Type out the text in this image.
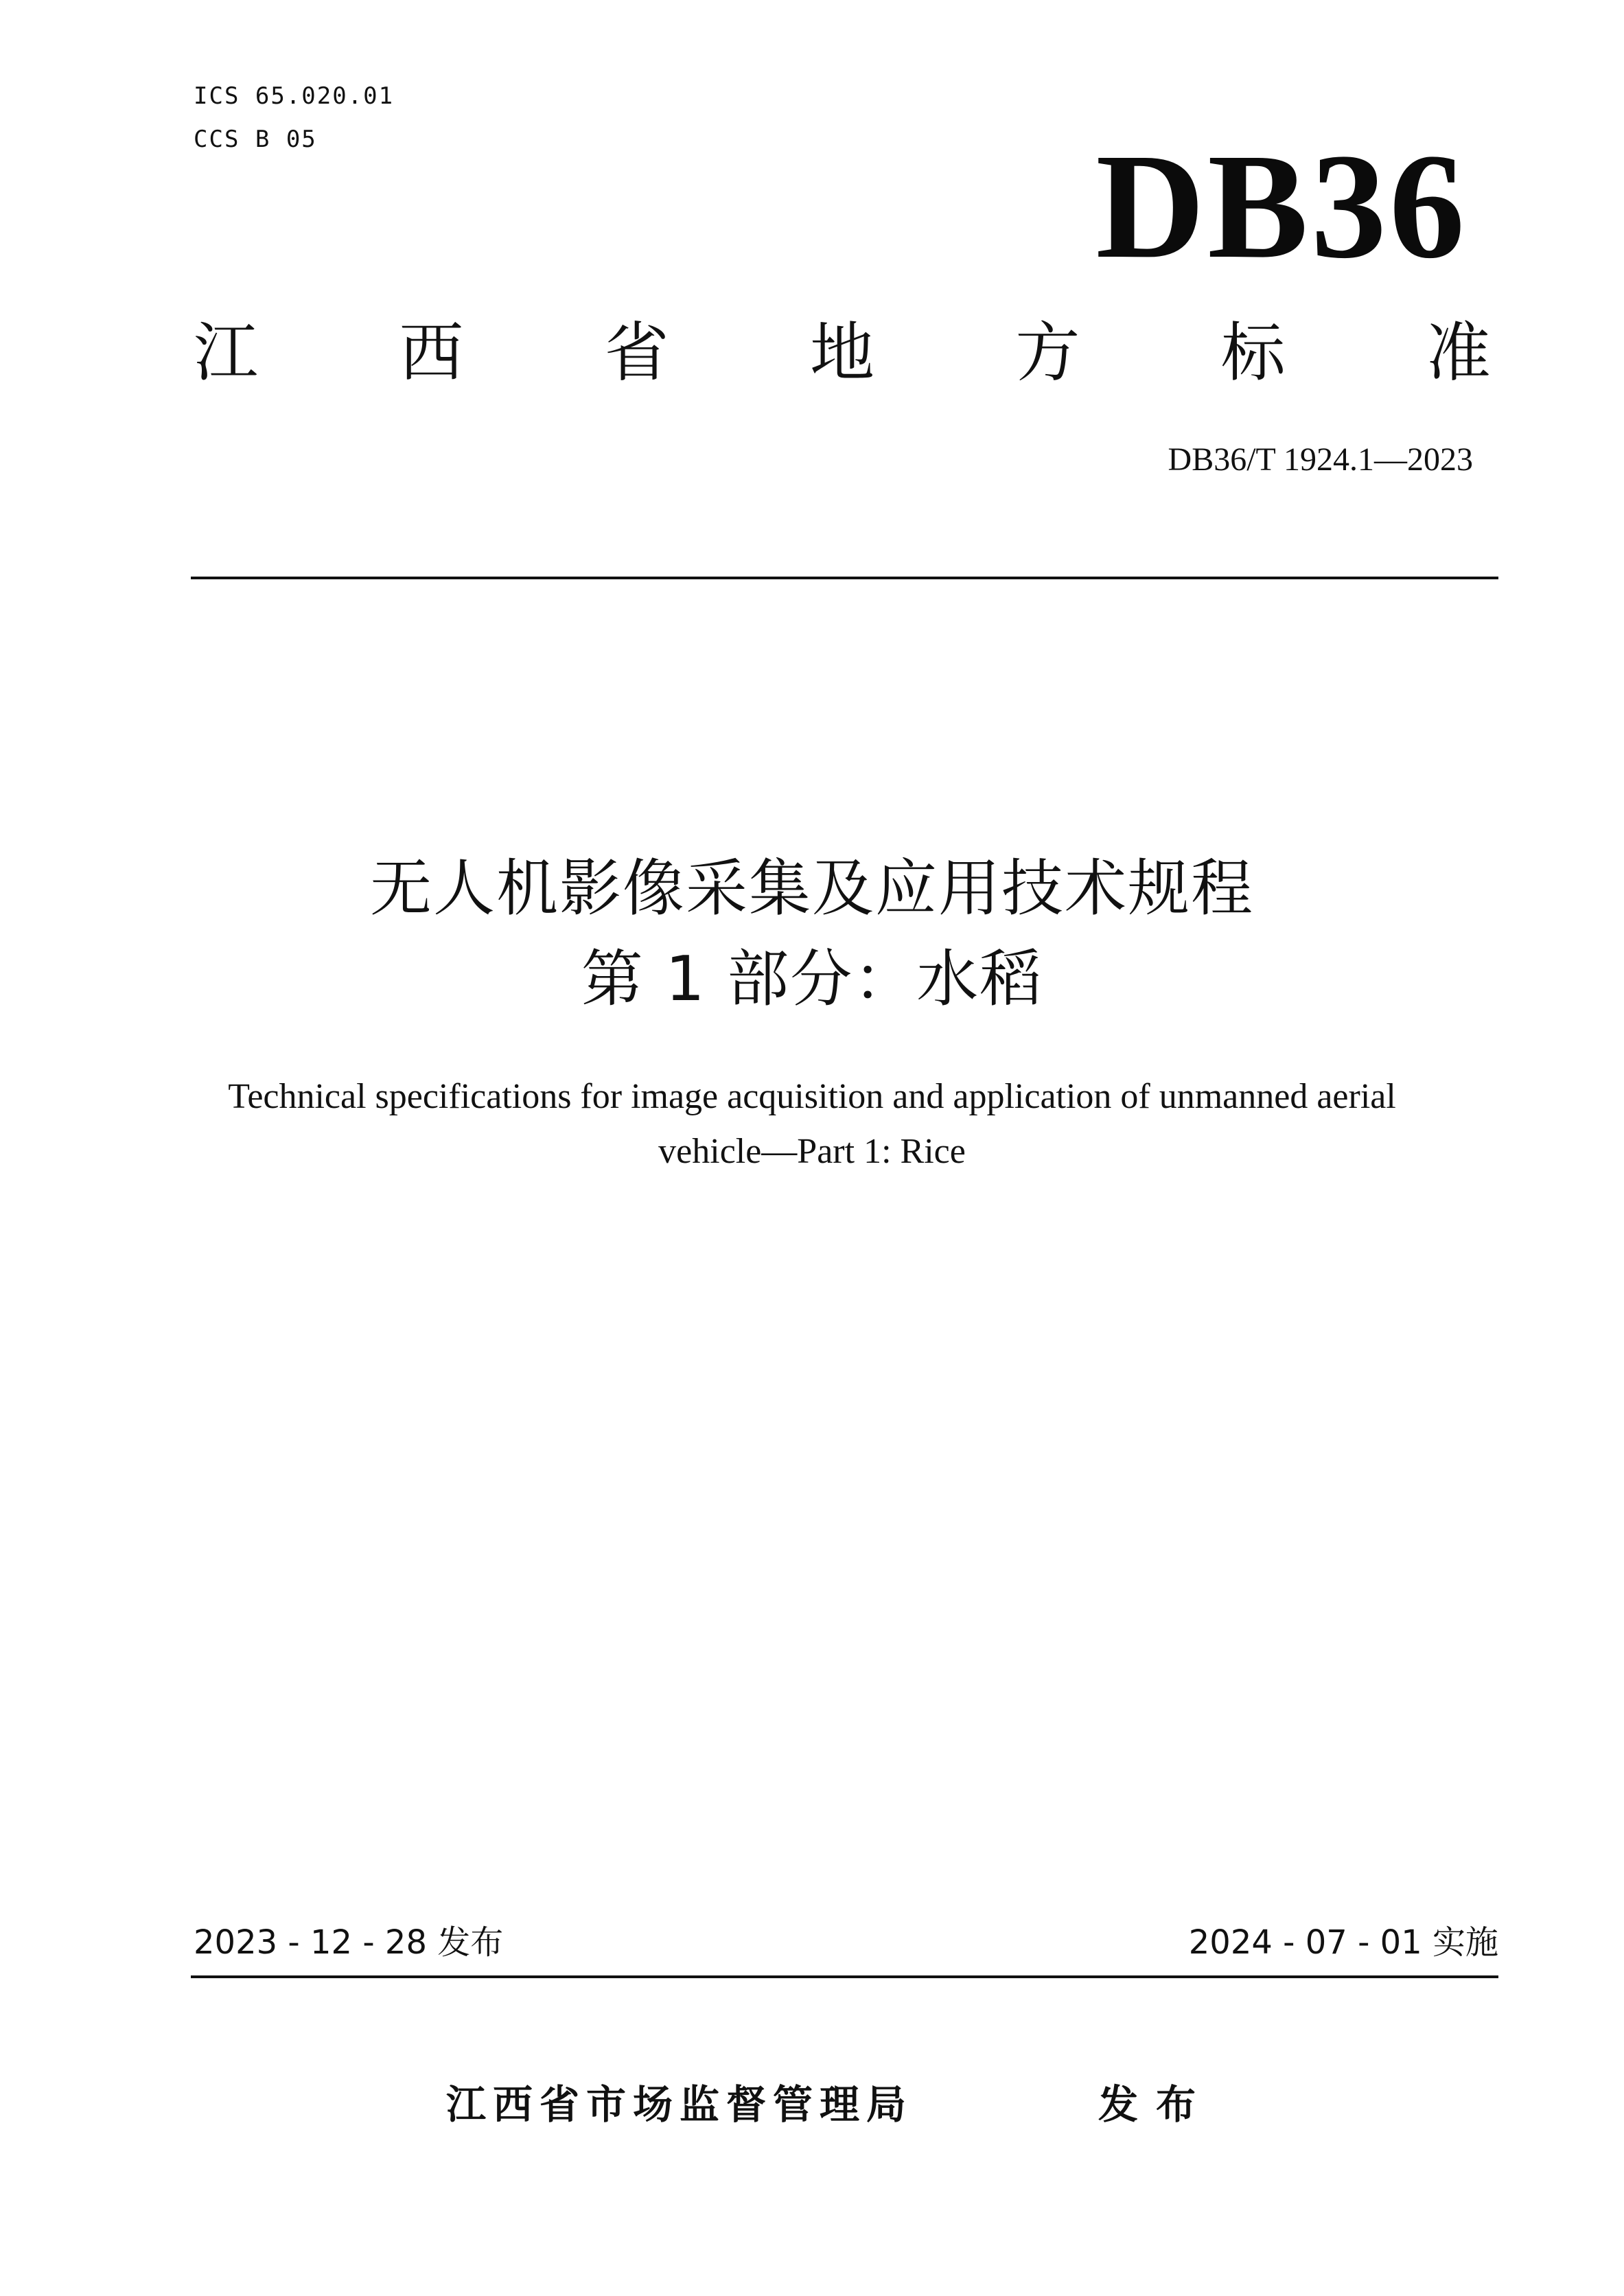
ICS 65.020.01
CCS B 05	DB36
江 西 省 地 方 标 准
DB36/T 1924.1—2023
无人机影像采集及应用技术规程
第 1 部分：水稻
Technical specifications for image acquisition and application of unmanned aerial
vehicle—Part 1: Rice
2023 - 12 - 28 发布	2024 - 07 - 01 实施
江西省市场监督管理局	发布
